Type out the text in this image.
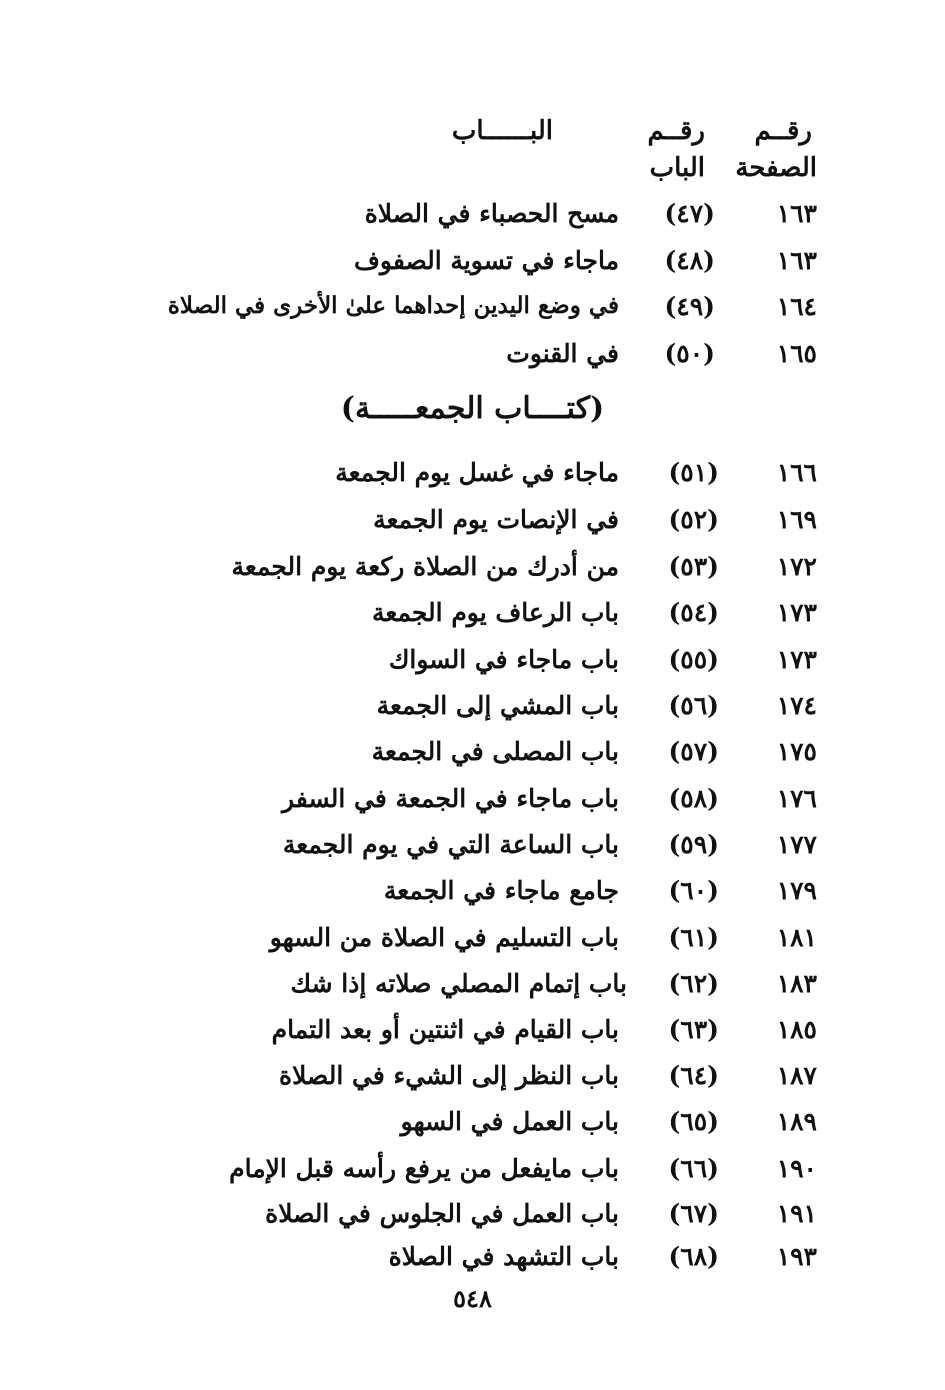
رقــم
الصفحة
رقــم
الباب
البــــــاب
١٦٣
(٤٧)
مسح الحصباء في الصلاة
١٦٣
(٤٨)
ماجاء في تسوية الصفوف
١٦٤
(٤٩)
في وضع اليدين إحداهما علىٰ الأخرى في الصلاة
١٦٥
(٥٠)
في القنوت
(كتــــاب الجمعـــــة)
١٦٦
(٥١)
ماجاء في غسل يوم الجمعة
١٦٩
(٥٢)
في الإنصات يوم الجمعة
١٧٢
(٥٣)
من أدرك من الصلاة ركعة يوم الجمعة
١٧٣
(٥٤)
باب الرعاف يوم الجمعة
١٧٣
(٥٥)
باب ماجاء في السواك
١٧٤
(٥٦)
باب المشي إلى الجمعة
١٧٥
(٥٧)
باب المصلى في الجمعة
١٧٦
(٥٨)
باب ماجاء في الجمعة في السفر
١٧٧
(٥٩)
باب الساعة التي في يوم الجمعة
١٧٩
(٦٠)
جامع ماجاء في الجمعة
١٨١
(٦١)
باب التسليم في الصلاة من السهو
١٨٣
(٦٢)
باب إتمام المصلي صلاته إذا شك
١٨٥
(٦٣)
باب القيام في اثنتين أو بعد التمام
١٨٧
(٦٤)
باب النظر إلى الشيء في الصلاة
١٨٩
(٦٥)
باب العمل في السهو
١٩٠
(٦٦)
باب مايفعل من يرفع رأسه قبل الإمام
١٩١
(٦٧)
باب العمل في الجلوس في الصلاة
١٩٣
(٦٨)
باب التشهد في الصلاة
٥٤٨
